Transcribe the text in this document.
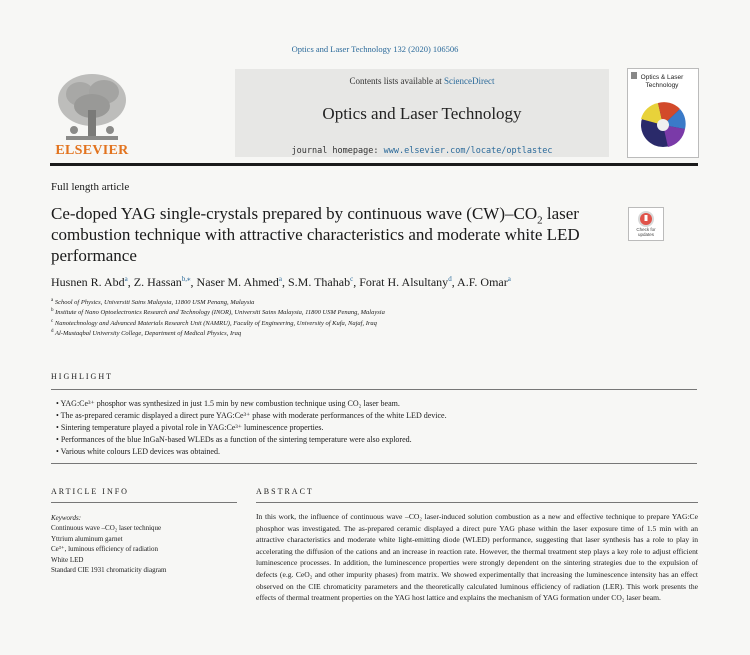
Optics and Laser Technology 132 (2020) 106506
ELSEVIER
Contents lists available at ScienceDirect
Optics and Laser Technology
journal homepage: www.elsevier.com/locate/optlastec
Optics & Laser Technology
Full length article
Ce-doped YAG single-crystals prepared by continuous wave $(CW)-CO_2$ laser combustion technique with attractive characteristics and moderate white LED performance
Check for updates
Husnen R. Abd$^a$, Z. Hassan$^{b,⁎}$, Naser M. Ahmed$^a$, S.M. Thahab$^c$, Forat H. Alsultany$^d$, A.F. Omar$^a$
$^a$ School of Physics, Universiti Sains Malaysia, 11800 USM Penang, Malaysia
$^b$ Institute of Nano Optoelectronics Research and Technology (INOR), Universiti Sains Malaysia, 11800 USM Penang, Malaysia
$^c$ Nanotechnology and Advanced Materials Research Unit (NAMRU), Faculty of Engineering, University of Kufa, Najaf, Iraq
$^d$ Al-Mustaqbal University College, Department of Medical Physics, Iraq
HIGHLIGHT
• YAG:Ce³⁺ phosphor was synthesized in just 1.5 min by new combustion technique using CO₂ laser beam.
• The as-prepared ceramic displayed a direct pure YAG:Ce³⁺ phase with moderate performances of the white LED device.
• Sintering temperature played a pivotal role in YAG:Ce³⁺ luminescence properties.
• Performances of the blue InGaN-based WLEDs as a function of the sintering temperature were also explored.
• Various white colours LED devices was obtained.
ARTICLE INFO
Keywords:
Continuous wave –CO₂ laser technique
Yttrium aluminum garnet
Ce³⁺, luminous efficiency of radiation
White LED
Standard CIE 1931 chromaticity diagram
ABSTRACT
In this work, the influence of continuous wave –CO₂ laser-induced solution combustion as a new and effective technique to prepare YAG:Ce phosphor was investigated. The as-prepared ceramic displayed a direct pure YAG phase within the laser exposure time of 1.5 min with an attractive characteristics and moderate white light-emitting diode (WLED) performance, suggesting that laser synthesis has a role to play in accelerating the diffusion of the cations and an increase in reaction rate. However, the thermal treatment step plays a key role to adjust efficient luminescence processes. In addition, the luminescence properties were strongly dependent on the sintering strategies due to the expulsion of defects (e.g. CeO₂ and other impurity phases) from matrix. We showed experimentally that increasing the luminescence intensity has an effect observed on the CIE chromaticity parameters and the theoretically calculated luminous efficiency of radiation (LER). This work presents the effects of thermal treatment properties on the YAG host lattice and explains the mechanism of YAG formation under CO₂ laser beam.
